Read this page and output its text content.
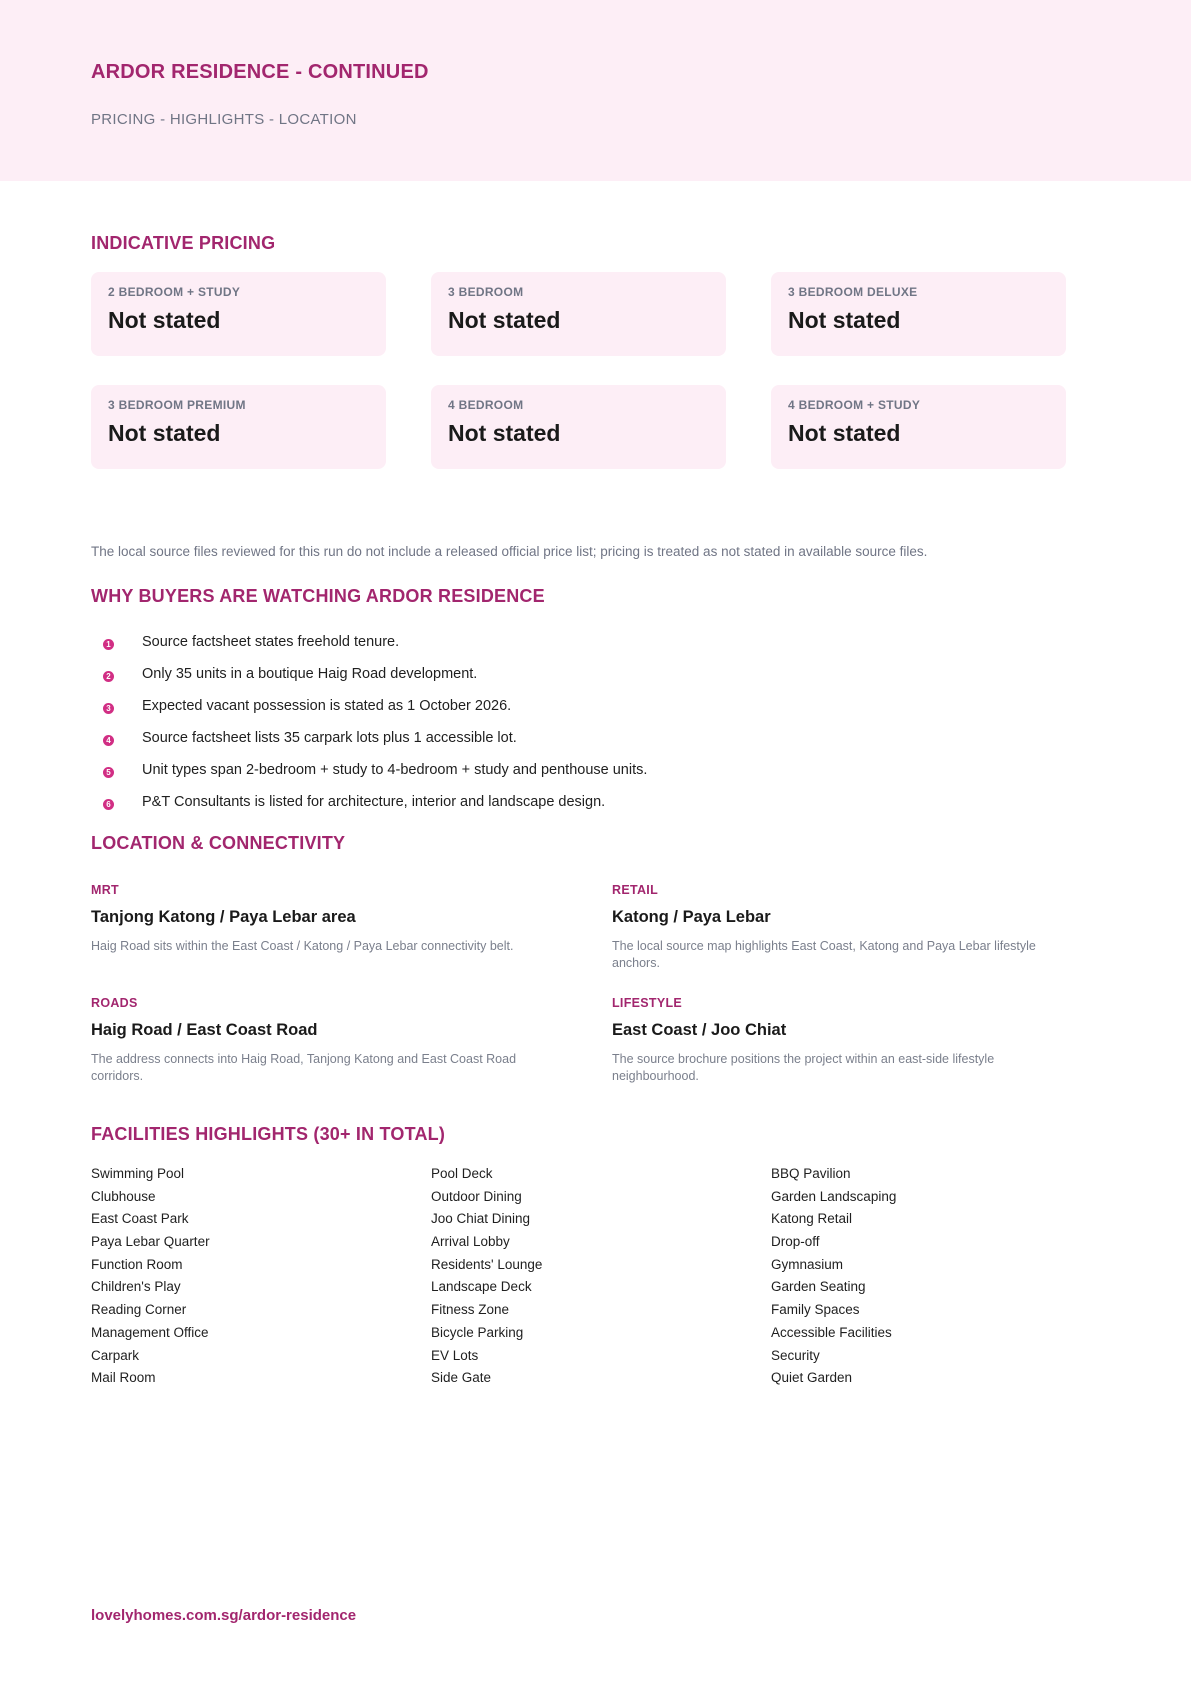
ARDOR RESIDENCE - CONTINUED
PRICING - HIGHLIGHTS - LOCATION
INDICATIVE PRICING
2 BEDROOM + STUDY
Not stated
3 BEDROOM
Not stated
3 BEDROOM DELUXE
Not stated
3 BEDROOM PREMIUM
Not stated
4 BEDROOM
Not stated
4 BEDROOM + STUDY
Not stated
The local source files reviewed for this run do not include a released official price list; pricing is treated as not stated in available source files.
WHY BUYERS ARE WATCHING ARDOR RESIDENCE
1 Source factsheet states freehold tenure.
2 Only 35 units in a boutique Haig Road development.
3 Expected vacant possession is stated as 1 October 2026.
4 Source factsheet lists 35 carpark lots plus 1 accessible lot.
5 Unit types span 2-bedroom + study to 4-bedroom + study and penthouse units.
6 P&T Consultants is listed for architecture, interior and landscape design.
LOCATION & CONNECTIVITY
MRT
Tanjong Katong / Paya Lebar area
Haig Road sits within the East Coast / Katong / Paya Lebar connectivity belt.
RETAIL
Katong / Paya Lebar
The local source map highlights East Coast, Katong and Paya Lebar lifestyle anchors.
ROADS
Haig Road / East Coast Road
The address connects into Haig Road, Tanjong Katong and East Coast Road corridors.
LIFESTYLE
East Coast / Joo Chiat
The source brochure positions the project within an east-side lifestyle neighbourhood.
FACILITIES HIGHLIGHTS (30+ IN TOTAL)
Swimming Pool
Clubhouse
East Coast Park
Paya Lebar Quarter
Function Room
Children's Play
Reading Corner
Management Office
Carpark
Mail Room
Pool Deck
Outdoor Dining
Joo Chiat Dining
Arrival Lobby
Residents' Lounge
Landscape Deck
Fitness Zone
Bicycle Parking
EV Lots
Side Gate
BBQ Pavilion
Garden Landscaping
Katong Retail
Drop-off
Gymnasium
Garden Seating
Family Spaces
Accessible Facilities
Security
Quiet Garden
lovelyhomes.com.sg/ardor-residence
